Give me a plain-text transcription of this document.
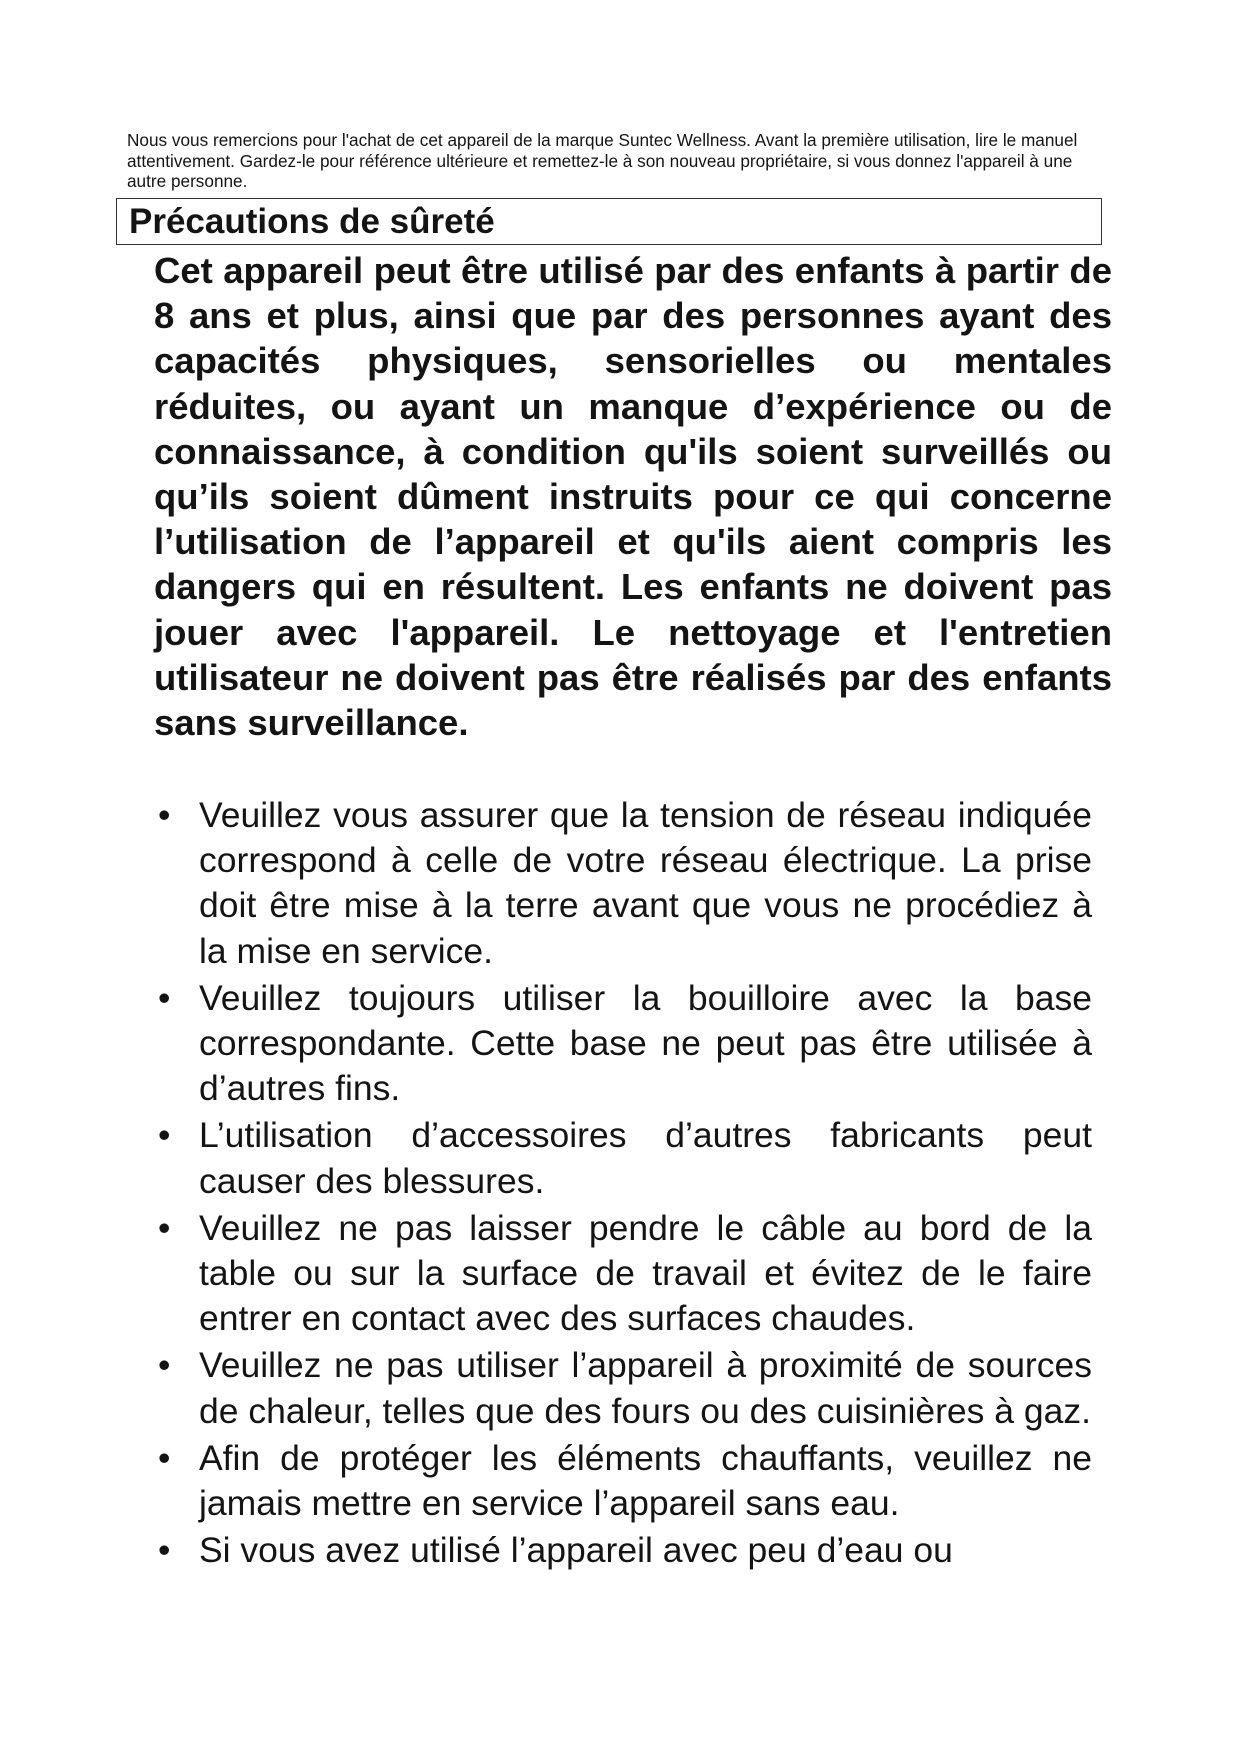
Nous vous remercions pour l'achat de cet appareil de la marque Suntec Wellness. Avant la première utilisation, lire le manuel attentivement. Gardez-le pour référence ultérieure et remettez-le à son nouveau propriétaire, si vous donnez l'appareil à une autre personne.

Précautions de sûreté

Cet appareil peut être utilisé par des enfants à partir de 8 ans et plus, ainsi que par des personnes ayant des capacités physiques, sensorielles ou mentales réduites, ou ayant un manque d’expérience ou de connaissance, à condition qu'ils soient surveillés ou qu’ils soient dûment instruits pour ce qui concerne l’utilisation de l’appareil et qu'ils aient compris les dangers qui en résultent. Les enfants ne doivent pas jouer avec l'appareil. Le nettoyage et l'entretien utilisateur ne doivent pas être réalisés par des enfants sans surveillance.

• Veuillez vous assurer que la tension de réseau indiquée correspond à celle de votre réseau électrique. La prise doit être mise à la terre avant que vous ne procédiez à la mise en service.
• Veuillez toujours utiliser la bouilloire avec la base correspondante. Cette base ne peut pas être utilisée à d’autres fins.
• L’utilisation d’accessoires d’autres fabricants peut causer des blessures.
• Veuillez ne pas laisser pendre le câble au bord de la table ou sur la surface de travail et évitez de le faire entrer en contact avec des surfaces chaudes.
• Veuillez ne pas utiliser l’appareil à proximité de sources de chaleur, telles que des fours ou des cuisinières à gaz.
• Afin de protéger les éléments chauffants, veuillez ne jamais mettre en service l’appareil sans eau.
• Si vous avez utilisé l’appareil avec peu d’eau ou
